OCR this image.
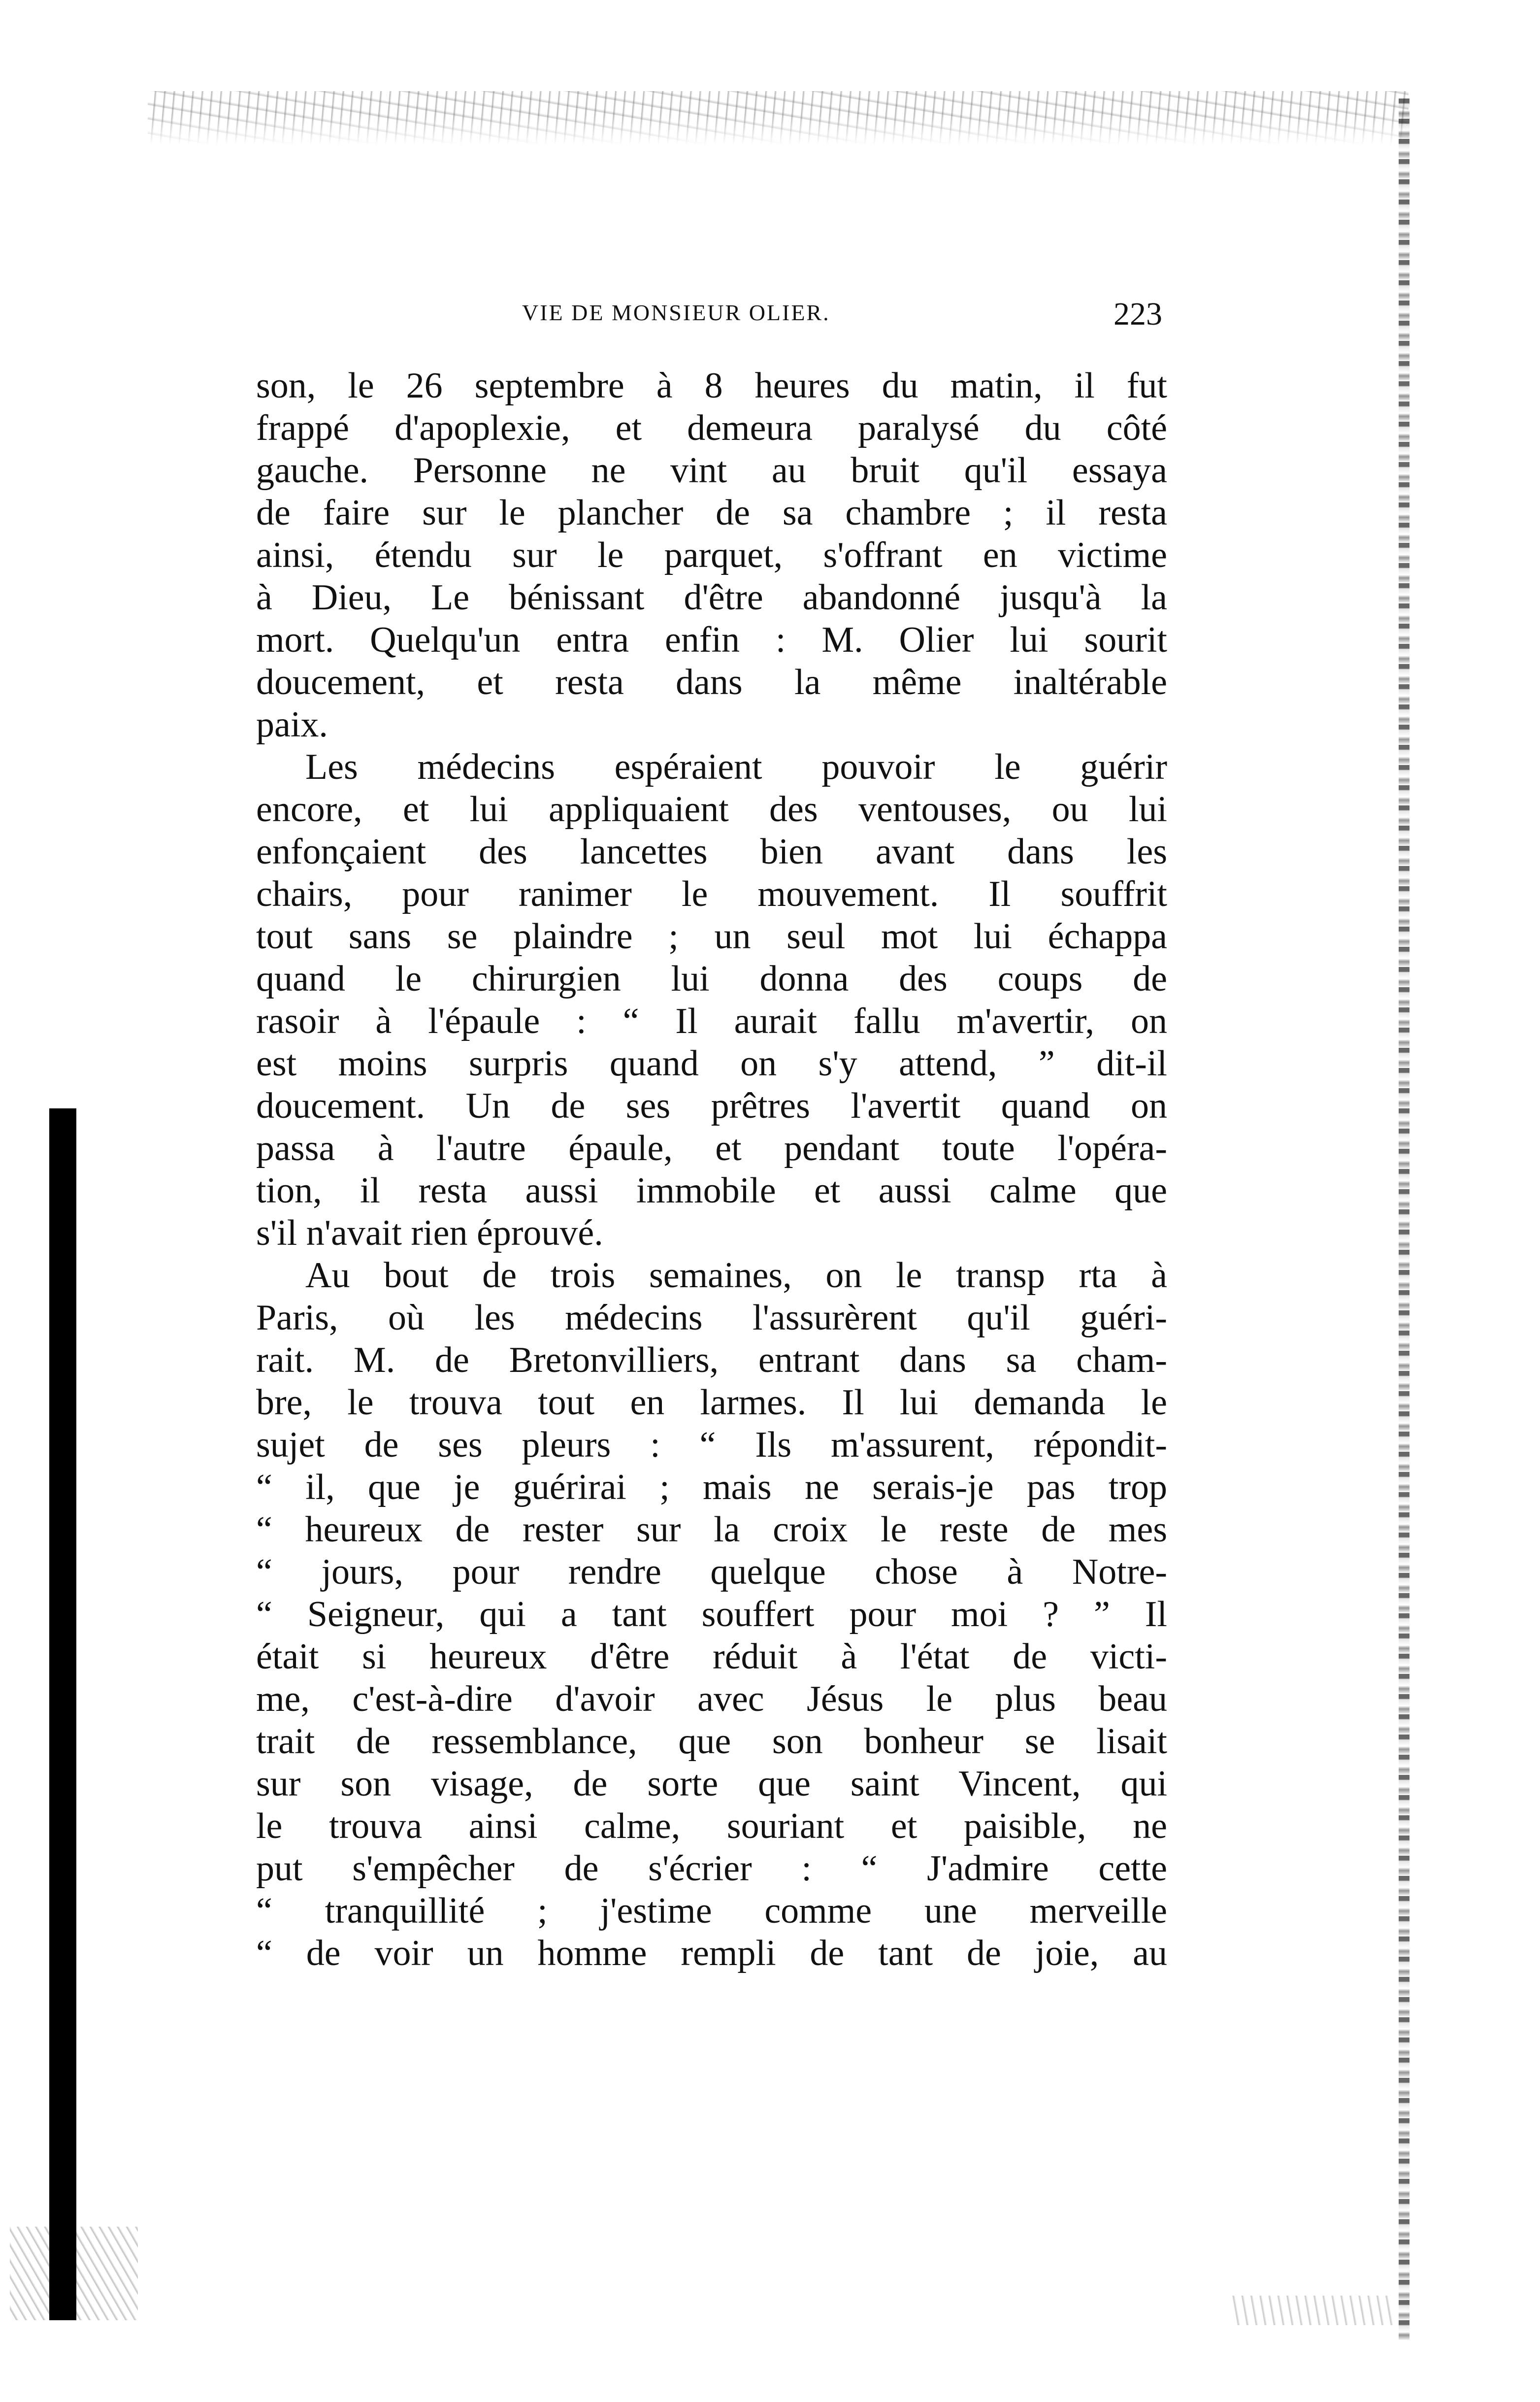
VIE DE MONSIEUR OLIER.	223
son, le 26 septembre à 8 heures du matin, il fut
frappé d'apoplexie, et demeura paralysé du côté
gauche. Personne ne vint au bruit qu'il essaya
de faire sur le plancher de sa chambre ; il resta
ainsi, étendu sur le parquet, s'offrant en victime
à Dieu, Le bénissant d'être abandonné jusqu'à la
mort. Quelqu'un entra enfin : M. Olier lui sourit
doucement, et resta dans la même inaltérable
paix.
Les médecins espéraient pouvoir le guérir
encore, et lui appliquaient des ventouses, ou lui
enfonçaient des lancettes bien avant dans les
chairs, pour ranimer le mouvement. Il souffrit
tout sans se plaindre ; un seul mot lui échappa
quand le chirurgien lui donna des coups de
rasoir à l'épaule : “ Il aurait fallu m'avertir, on
est moins surpris quand on s'y attend, ” dit-il
doucement. Un de ses prêtres l'avertit quand on
passa à l'autre épaule, et pendant toute l'opéra-
tion, il resta aussi immobile et aussi calme que
s'il n'avait rien éprouvé.
Au bout de trois semaines, on le transp rta à
Paris, où les médecins l'assurèrent qu'il guéri-
rait. M. de Bretonvilliers, entrant dans sa cham-
bre, le trouva tout en larmes. Il lui demanda le
sujet de ses pleurs : “ Ils m'assurent, répondit-
“ il, que je guérirai ; mais ne serais-je pas trop
“ heureux de rester sur la croix le reste de mes
“ jours, pour rendre quelque chose à Notre-
“ Seigneur, qui a tant souffert pour moi ? ” Il
était si heureux d'être réduit à l'état de victi-
me, c'est-à-dire d'avoir avec Jésus le plus beau
trait de ressemblance, que son bonheur se lisait
sur son visage, de sorte que saint Vincent, qui
le trouva ainsi calme, souriant et paisible, ne
put s'empêcher de s'écrier : “ J'admire cette
“ tranquillité ; j'estime comme une merveille
“ de voir un homme rempli de tant de joie, au
